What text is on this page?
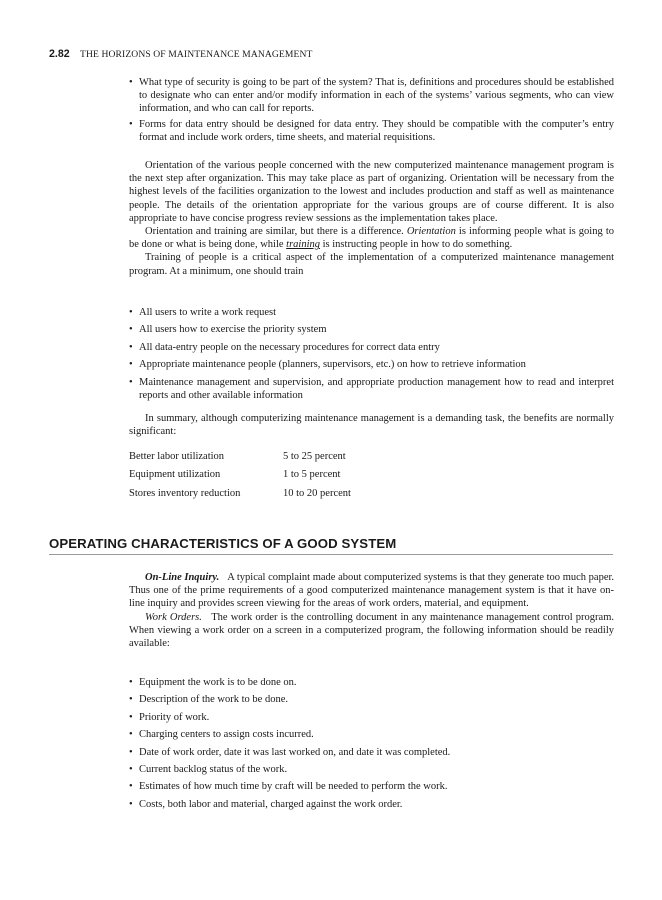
2.82 THE HORIZONS OF MAINTENANCE MANAGEMENT
• What type of security is going to be part of the system? That is, definitions and procedures should be established to designate who can enter and/or modify information in each of the systems’ various segments, who can view information, and who can call for reports.
• Forms for data entry should be designed for data entry. They should be compatible with the computer’s entry format and include work orders, time sheets, and material requisitions.

Orientation of the various people concerned with the new computerized maintenance management program is the next step after organization. This may take place as part of organizing. Orientation will be necessary from the highest levels of the facilities organization to the lowest and includes production and staff as well as maintenance people. The details of the orientation appropriate for the various groups are of course different. It is also appropriate to have concise progress review sessions as the implementation takes place.

Orientation and training are similar, but there is a difference. Orientation is informing people what is going to be done or what is being done, while training is instructing people in how to do something.

Training of people is a critical aspect of the implementation of a computerized maintenance management program. At a minimum, one should train

• All users to write a work request
• All users how to exercise the priority system
• All data-entry people on the necessary procedures for correct data entry
• Appropriate maintenance people (planners, supervisors, etc.) on how to retrieve information
• Maintenance management and supervision, and appropriate production management how to read and interpret reports and other available information

In summary, although computerizing maintenance management is a demanding task, the benefits are normally significant:

Better labor utilization	5 to 25 percent
Equipment utilization	1 to 5 percent
Stores inventory reduction	10 to 20 percent
OPERATING CHARACTERISTICS OF A GOOD SYSTEM

On-Line Inquiry. A typical complaint made about computerized systems is that they generate too much paper. Thus one of the prime requirements of a good computerized maintenance management system is that it have on-line inquiry and provides screen viewing for the areas of work orders, material, and equipment.

Work Orders. The work order is the controlling document in any maintenance management control program. When viewing a work order on a screen in a computerized program, the following information should be readily available:

• Equipment the work is to be done on.
• Description of the work to be done.
• Priority of work.
• Charging centers to assign costs incurred.
• Date of work order, date it was last worked on, and date it was completed.
• Current backlog status of the work.
• Estimates of how much time by craft will be needed to perform the work.
• Costs, both labor and material, charged against the work order.
